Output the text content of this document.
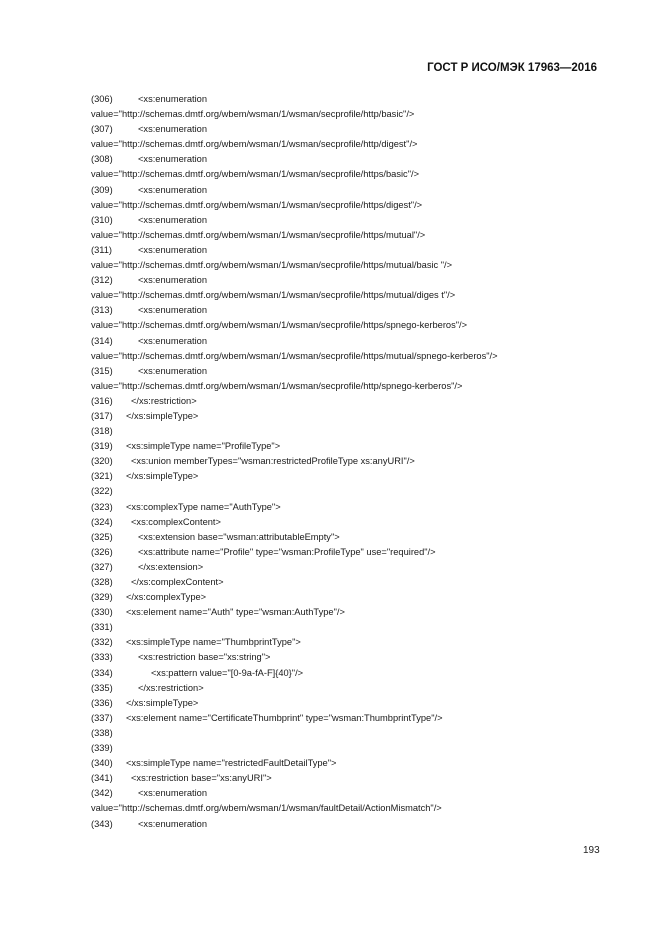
ГОСТ Р ИСО/МЭК 17963—2016
(306)	<xs:enumeration
value="http://schemas.dmtf.org/wbem/wsman/1/wsman/secprofile/http/basic"/>
(307)	<xs:enumeration
value="http://schemas.dmtf.org/wbem/wsman/1/wsman/secprofile/http/digest"/>
(308)	<xs:enumeration
value="http://schemas.dmtf.org/wbem/wsman/1/wsman/secprofile/https/basic"/>
(309)	<xs:enumeration
value="http://schemas.dmtf.org/wbem/wsman/1/wsman/secprofile/https/digest"/>
(310)	<xs:enumeration
value="http://schemas.dmtf.org/wbem/wsman/1/wsman/secprofile/https/mutual"/>
(311)	<xs:enumeration
value="http://schemas.dmtf.org/wbem/wsman/1/wsman/secprofile/https/mutual/basic "/>
(312)	<xs:enumeration
value="http://schemas.dmtf.org/wbem/wsman/1/wsman/secprofile/https/mutual/diges t"/>
(313)	<xs:enumeration
value="http://schemas.dmtf.org/wbem/wsman/1/wsman/secprofile/https/spnego-kerberos"/>
(314)	<xs:enumeration
value="http://schemas.dmtf.org/wbem/wsman/1/wsman/secprofile/https/mutual/spnego-kerberos"/>
(315)	<xs:enumeration
value="http://schemas.dmtf.org/wbem/wsman/1/wsman/secprofile/http/spnego-kerberos"/>
(316) </xs:restriction>
(317) </xs:simpleType>
(318)
(319) <xs:simpleType name="ProfileType">
(320) <xs:union memberTypes="wsman:restrictedProfileType xs:anyURI"/>
(321) </xs:simpleType>
(322)
(323) <xs:complexType name="AuthType">
(324) <xs:complexContent>
(325)	<xs:extension base="wsman:attributableEmpty">
(326)	<xs:attribute name="Profile" type="wsman:ProfileType" use="required"/>
(327)	</xs:extension>
(328) </xs:complexContent>
(329) </xs:complexType>
(330) <xs:element name="Auth" type="wsman:AuthType"/>
(331)
(332) <xs:simpleType name="ThumbprintType">
(333)	<xs:restriction base="xs:string">
(334)	<xs:pattern value="[0-9a-fA-F]{40}"/>
(335)	</xs:restriction>
(336) </xs:simpleType>
(337) <xs:element name="CertificateThumbprint" type="wsman:ThumbprintType"/>
(338)
(339)
(340) <xs:simpleType name="restrictedFaultDetailType">
(341) <xs:restriction base="xs:anyURI">
(342)	<xs:enumeration
value="http://schemas.dmtf.org/wbem/wsman/1/wsman/faultDetail/ActionMismatch"/>
(343)	<xs:enumeration
193
